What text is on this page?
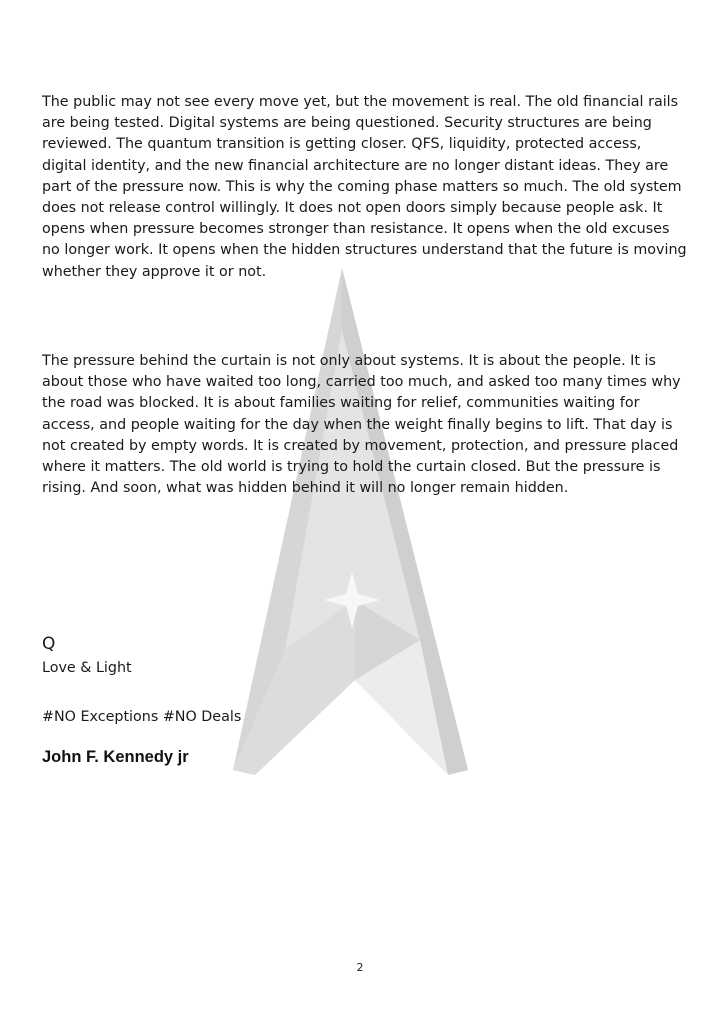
The public may not see every move yet, but the movement is real. The old financial rails are being tested. Digital systems are being questioned. Security structures are being reviewed. The quantum transition is getting closer. QFS, liquidity, protected access, digital identity, and the new financial architecture are no longer distant ideas. They are part of the pressure now. This is why the coming phase matters so much. The old system does not release control willingly. It does not open doors simply because people ask. It opens when pressure becomes stronger than resistance. It opens when the old excuses no longer work. It opens when the hidden structures understand that the future is moving whether they approve it or not.

The pressure behind the curtain is not only about systems. It is about the people. It is about those who have waited too long, carried too much, and asked too many times why the road was blocked. It is about families waiting for relief, communities waiting for access, and people waiting for the day when the weight finally begins to lift. That day is not created by empty words. It is created by movement, protection, and pressure placed where it matters. The old world is trying to hold the curtain closed. But the pressure is rising. And soon, what was hidden behind it will no longer remain hidden.

Q
Love & Light
#NO Exceptions #NO Deals
John F. Kennedy jr
2
